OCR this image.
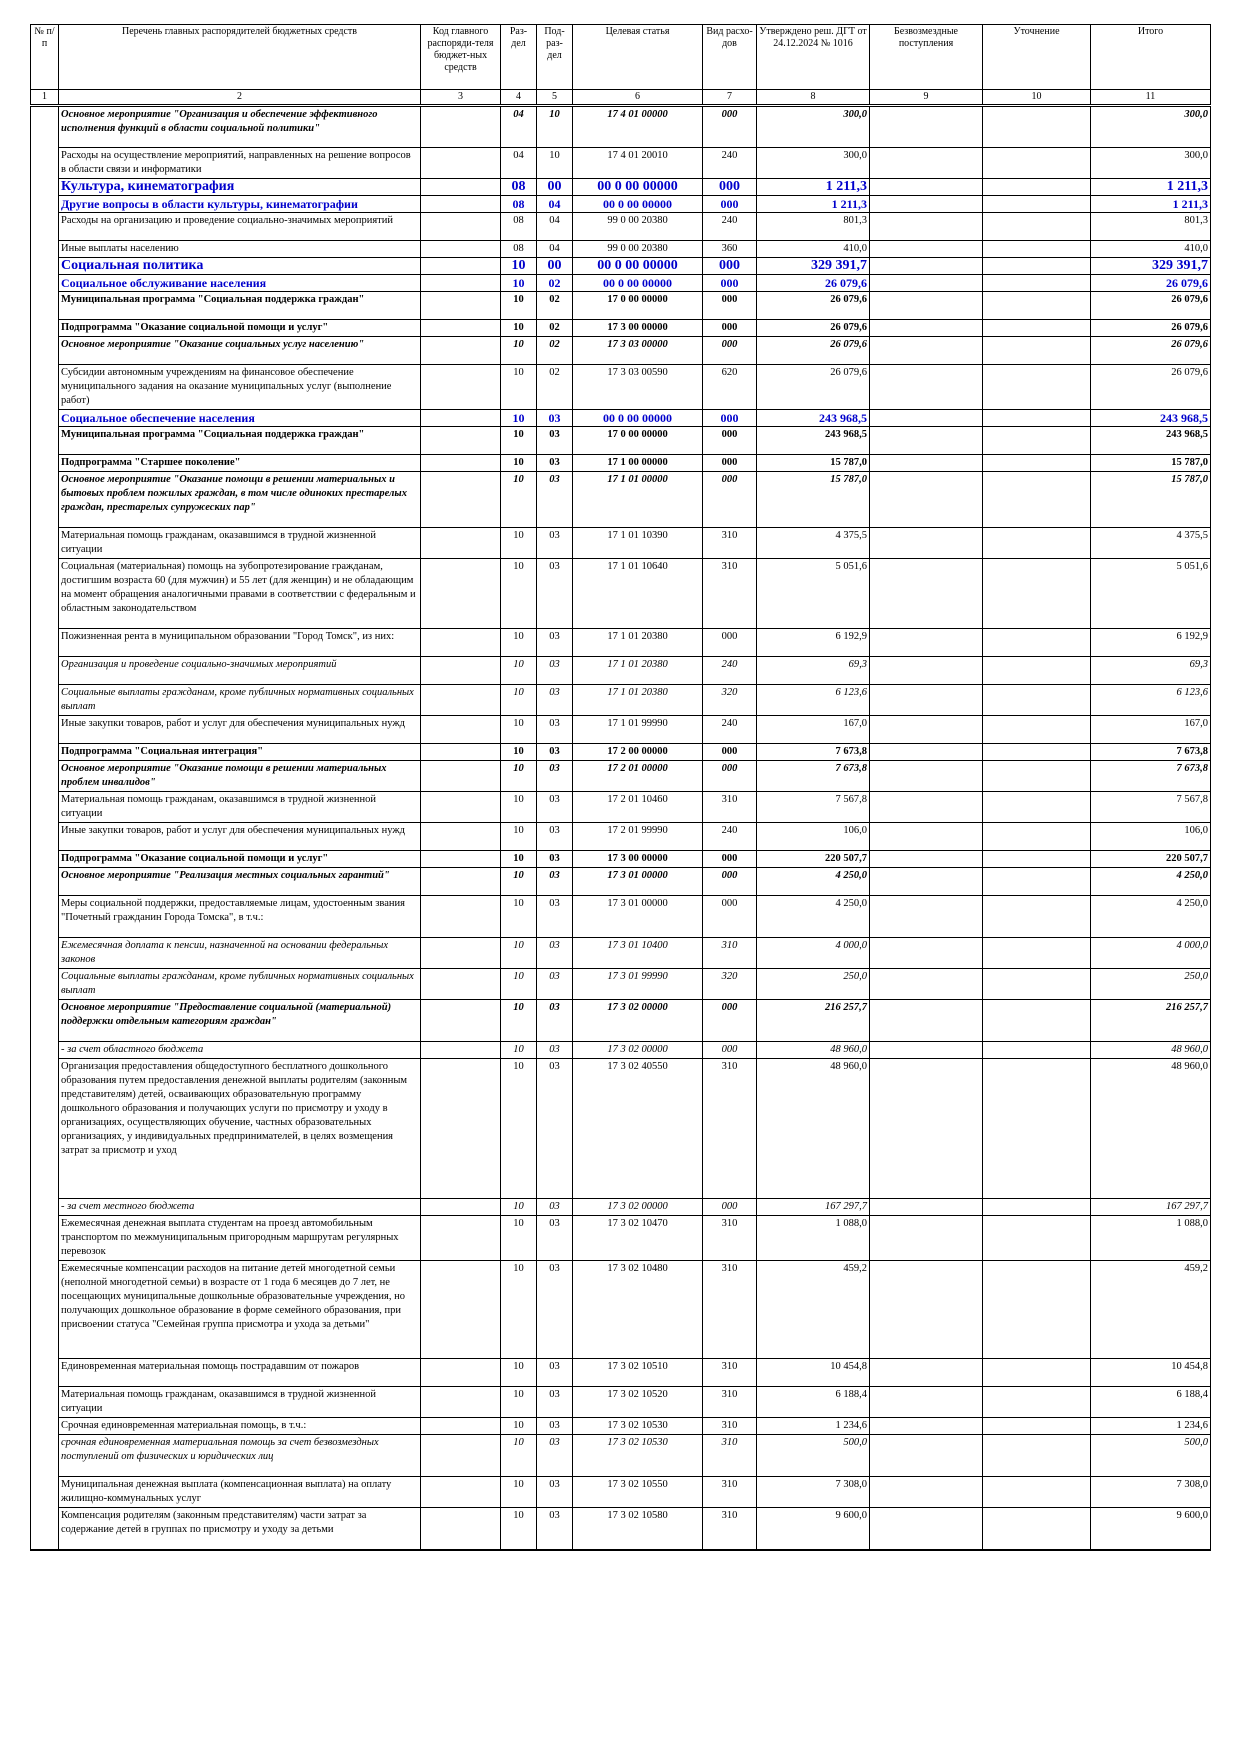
№ п/п	Перечень главных распорядителей бюджетных средств	Код главного распоряди-теля бюджет-ных средств	Раз-дел	Под-раз-дел	Целевая статья	Вид расхо-дов	Утверждено реш. ДГТ от 24.12.2024 № 1016	Безвозмездные поступления	Уточнение	Итого
1	2	3	4	5	6	7	8	9	10	11
	Основное мероприятие "Организация и обеспечение эффективного исполнения функций в области социальной политики"		04	10	17 4 01 00000	000	300,0			300,0
	Расходы на осуществление мероприятий, направленных на решение вопросов в области связи и информатики		04	10	17 4 01 20010	240	300,0			300,0
	Культура, кинематография		08	00	00 0 00 00000	000	1 211,3			1 211,3
	Другие вопросы в области культуры, кинематографии		08	04	00 0 00 00000	000	1 211,3			1 211,3
	Расходы на организацию и проведение социально-значимых мероприятий		08	04	99 0 00 20380	240	801,3			801,3
	Иные выплаты населению		08	04	99 0 00 20380	360	410,0			410,0
	Социальная политика		10	00	00 0 00 00000	000	329 391,7			329 391,7
	Социальное обслуживание населения		10	02	00 0 00 00000	000	26 079,6			26 079,6
	Муниципальная программа "Социальная поддержка граждан"		10	02	17 0 00 00000	000	26 079,6			26 079,6
	Подпрограмма "Оказание социальной помощи и услуг"		10	02	17 3 00 00000	000	26 079,6			26 079,6
	Основное мероприятие "Оказание социальных услуг населению"		10	02	17 3 03 00000	000	26 079,6			26 079,6
	Субсидии автономным учреждениям на финансовое обеспечение муниципального задания на оказание муниципальных услуг (выполнение работ)		10	02	17 3 03 00590	620	26 079,6			26 079,6
	Социальное обеспечение населения		10	03	00 0 00 00000	000	243 968,5			243 968,5
	Муниципальная программа "Социальная поддержка граждан"		10	03	17 0 00 00000	000	243 968,5			243 968,5
	Подпрограмма "Старшее поколение"		10	03	17 1 00 00000	000	15 787,0			15 787,0
	Основное мероприятие "Оказание помощи в решении материальных и бытовых проблем пожилых граждан, в том числе одиноких престарелых граждан, престарелых супружеских пар"		10	03	17 1 01 00000	000	15 787,0			15 787,0
	Материальная помощь гражданам, оказавшимся в трудной жизненной ситуации		10	03	17 1 01 10390	310	4 375,5			4 375,5
	Социальная (материальная) помощь на зубопротезирование гражданам, достигшим возраста 60 (для мужчин) и 55 лет (для женщин) и не обладающим на момент обращения аналогичными правами в соответствии с федеральным и областным законодательством		10	03	17 1 01 10640	310	5 051,6			5 051,6
	Пожизненная рента в муниципальном образовании "Город Томск", из них:		10	03	17 1 01 20380	000	6 192,9			6 192,9
	Организация и проведение социально-значимых мероприятий		10	03	17 1 01 20380	240	69,3			69,3
	Социальные выплаты гражданам, кроме публичных нормативных социальных выплат		10	03	17 1 01 20380	320	6 123,6			6 123,6
	Иные закупки товаров, работ и услуг для обеспечения муниципальных нужд		10	03	17 1 01 99990	240	167,0			167,0
	Подпрограмма "Социальная интеграция"		10	03	17 2 00 00000	000	7 673,8			7 673,8
	Основное мероприятие "Оказание помощи в решении материальных проблем инвалидов"		10	03	17 2 01 00000	000	7 673,8			7 673,8
	Материальная помощь гражданам, оказавшимся в трудной жизненной ситуации		10	03	17 2 01 10460	310	7 567,8			7 567,8
	Иные закупки товаров, работ и услуг для обеспечения муниципальных нужд		10	03	17 2 01 99990	240	106,0			106,0
	Подпрограмма "Оказание социальной помощи и услуг"		10	03	17 3 00 00000	000	220 507,7			220 507,7
	Основное мероприятие "Реализация местных социальных гарантий"		10	03	17 3 01 00000	000	4 250,0			4 250,0
	Меры социальной поддержки, предоставляемые лицам, удостоенным звания "Почетный гражданин Города Томска", в т.ч.:		10	03	17 3 01 00000	000	4 250,0			4 250,0
	Ежемесячная доплата к пенсии, назначенной на основании федеральных законов		10	03	17 3 01 10400	310	4 000,0			4 000,0
	Социальные выплаты гражданам, кроме публичных нормативных социальных выплат		10	03	17 3 01 99990	320	250,0			250,0
	Основное мероприятие "Предоставление социальной (материальной) поддержки отдельным категориям граждан"		10	03	17 3 02 00000	000	216 257,7			216 257,7
	- за счет областного бюджета		10	03	17 3 02 00000	000	48 960,0			48 960,0
	Организация предоставления общедоступного бесплатного дошкольного образования путем предоставления денежной выплаты родителям (законным представителям) детей, осваивающих образовательную программу дошкольного образования и получающих услуги по присмотру и уходу в организациях, осуществляющих обучение, частных образовательных организациях, у индивидуальных предпринимателей, в целях возмещения затрат за присмотр и уход		10	03	17 3 02 40550	310	48 960,0			48 960,0
	- за счет местного бюджета		10	03	17 3 02 00000	000	167 297,7			167 297,7
	Ежемесячная денежная выплата студентам на проезд автомобильным транспортом по межмуниципальным пригородным маршрутам регулярных перевозок		10	03	17 3 02 10470	310	1 088,0			1 088,0
	Ежемесячные компенсации расходов на питание детей многодетной семьи (неполной многодетной семьи) в возрасте от 1 года 6 месяцев до 7 лет, не посещающих муниципальные дошкольные образовательные учреждения, но получающих дошкольное образование в форме семейного образования, при присвоении статуса "Семейная группа присмотра и ухода за детьми"		10	03	17 3 02 10480	310	459,2			459,2
	Единовременная материальная помощь пострадавшим от пожаров		10	03	17 3 02 10510	310	10 454,8			10 454,8
	Материальная помощь гражданам, оказавшимся в трудной жизненной ситуации		10	03	17 3 02 10520	310	6 188,4			6 188,4
	Срочная единовременная материальная помощь, в т.ч.:		10	03	17 3 02 10530	310	1 234,6			1 234,6
	срочная единовременная материальная помощь за счет безвозмездных поступлений от физических и юридических лиц		10	03	17 3 02 10530	310	500,0			500,0
	Муниципальная денежная выплата (компенсационная выплата) на оплату жилищно-коммунальных услуг		10	03	17 3 02 10550	310	7 308,0			7 308,0
	Компенсация родителям (законным представителям) части затрат за содержание детей в группах по присмотру и уходу за детьми		10	03	17 3 02 10580	310	9 600,0			9 600,0
